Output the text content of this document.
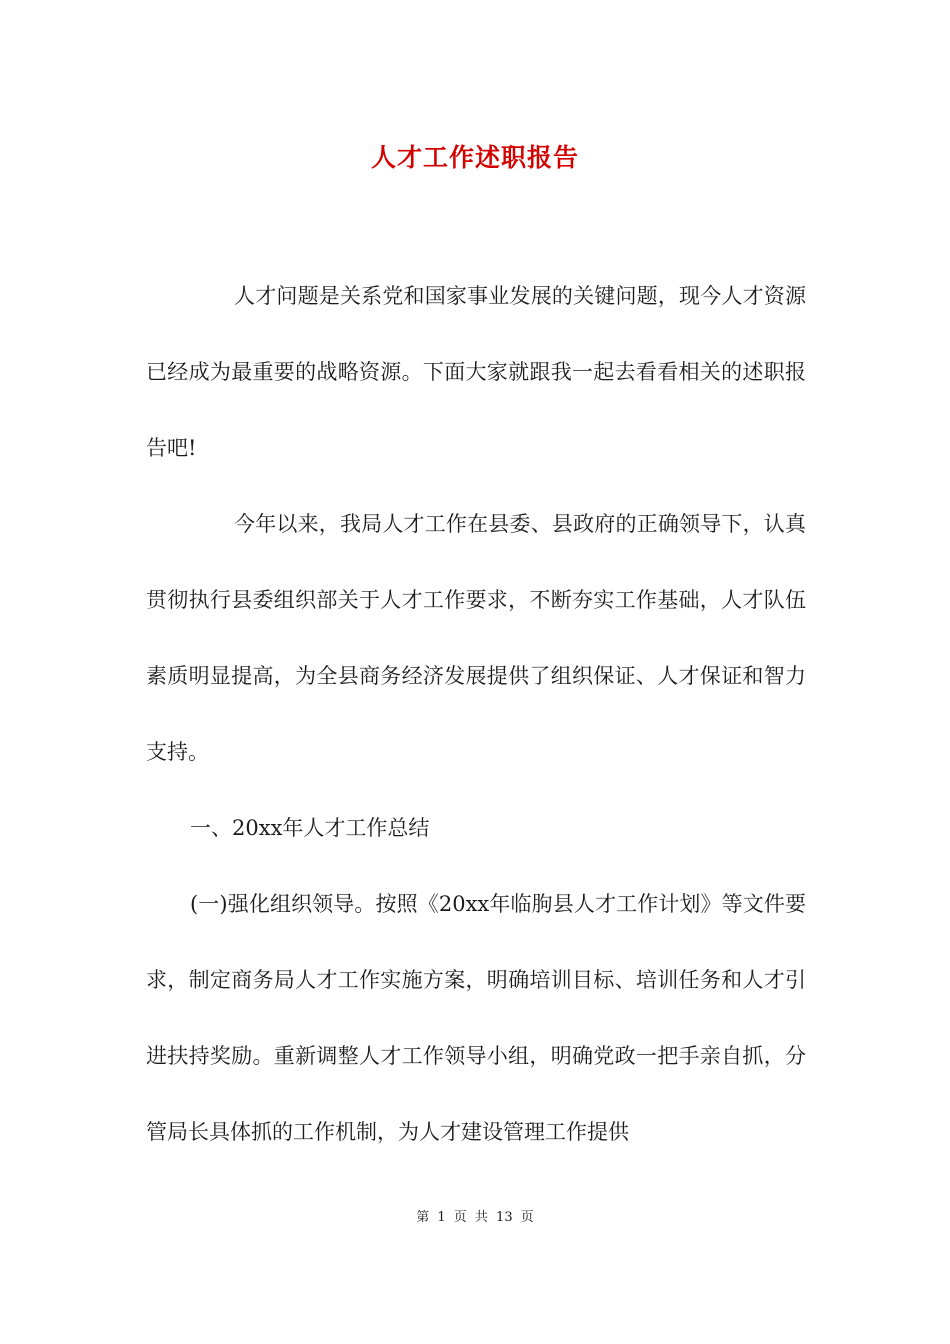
人才工作述职报告

人才问题是关系党和国家事业发展的关键问题，现今人才资源已经成为最重要的战略资源。下面大家就跟我一起去看看相关的述职报告吧!

今年以来，我局人才工作在县委、县政府的正确领导下，认真贯彻执行县委组织部关于人才工作要求，不断夯实工作基础，人才队伍素质明显提高，为全县商务经济发展提供了组织保证、人才保证和智力支持。

一、20xx年人才工作总结

(一)强化组织领导。按照《20xx年临朐县人才工作计划》等文件要求，制定商务局人才工作实施方案，明确培训目标、培训任务和人才引进扶持奖励。重新调整人才工作领导小组，明确党政一把手亲自抓，分管局长具体抓的工作机制，为人才建设管理工作提供

第 1 页 共 13 页
